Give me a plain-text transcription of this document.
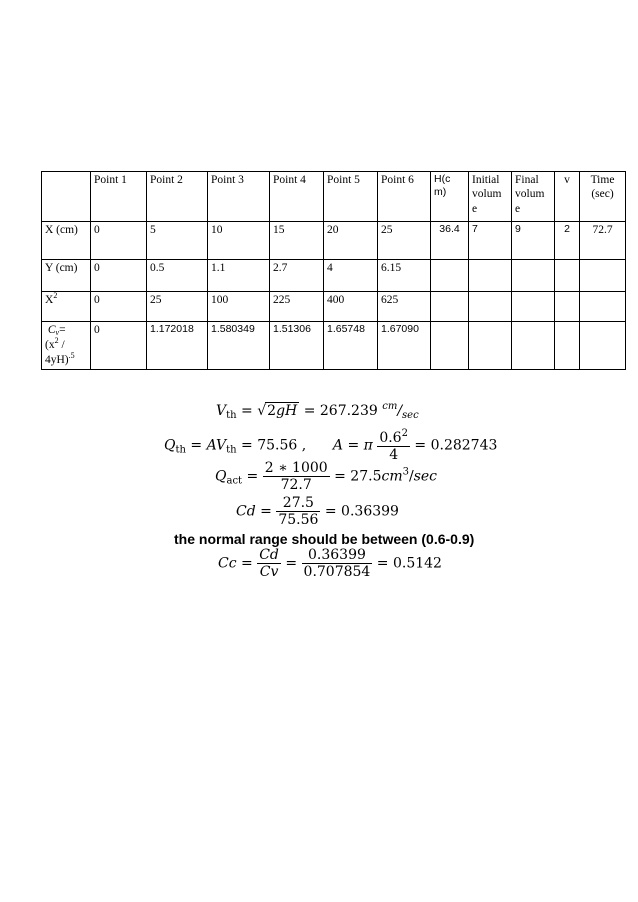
	Point 1	Point 2	Point 3	Point 4	Point 5	Point 6	H(c m)	Initial volum e	Final volum e	v	Time (sec)
X (cm)	0	5	10	15	20	25	36.4	7	9	2	72.7
Y (cm)	0	0.5	1.1	2.7	4	6.15					
$X^2$	0	25	100	225	400	625					
Cv=
($x^2$ /
4yH)$^{.5}$	0	1.172018	1.580349	1.51306	1.65748	1.67090					
$V_{th} = √2gH = 267.239$ $^{cm}/_{sec}$
$Q_{th} = AV_{th} = 75.56$ ,      A = π $\frac{0.6^2}{4} = 0.282743$
$Q_{act} = \frac{2 ∗ 1000}{72.7} = 27.5cm^3/\sec$
$Cd = \frac{27.5}{75.56} = 0.36399$
the normal range should be between (0.6-0.9)
$Cc = \frac{Cd}{Cv} = \frac{0.36399}{0.707854} = 0.5142$
